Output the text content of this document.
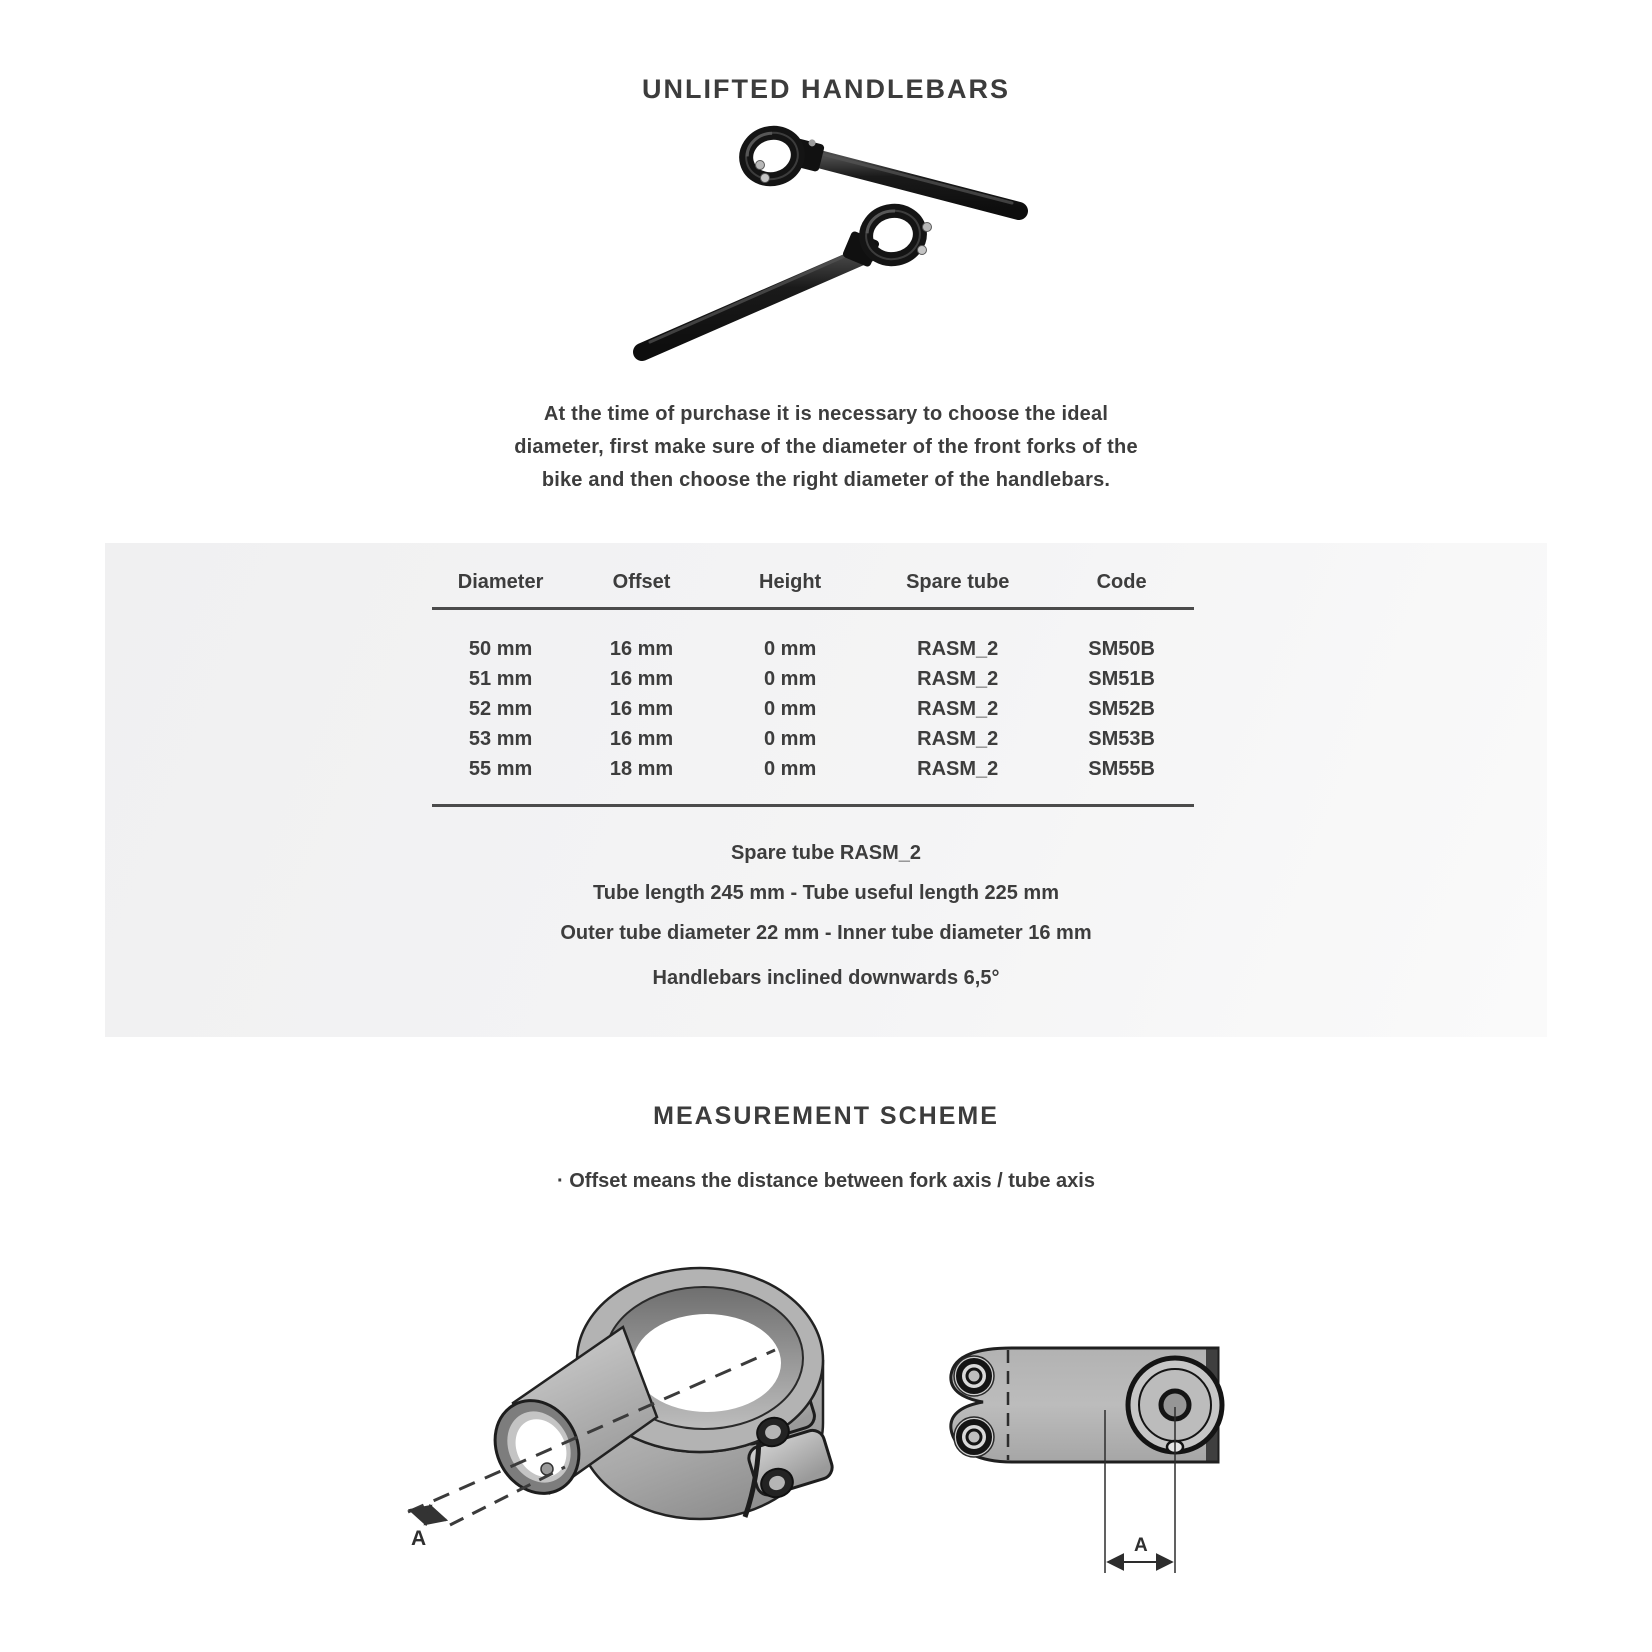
UNLIFTED HANDLEBARS
At the time of purchase it is necessary to choose the ideal
diameter, first make sure of the diameter of the front forks of the
bike and then choose the right diameter of the handlebars.
Diameter	Offset	Height	Spare tube	Code
50 mm	16 mm	0 mm	RASM_2	SM50B
51 mm	16 mm	0 mm	RASM_2	SM51B
52 mm	16 mm	0 mm	RASM_2	SM52B
53 mm	16 mm	0 mm	RASM_2	SM53B
55 mm	18 mm	0 mm	RASM_2	SM55B
Spare tube RASM_2
Tube length 245 mm - Tube useful length 225 mm
Outer tube diameter 22 mm - Inner tube diameter 16 mm
Handlebars inclined downwards 6,5°
MEASUREMENT SCHEME
· Offset means the distance between fork axis / tube axis
A	A
